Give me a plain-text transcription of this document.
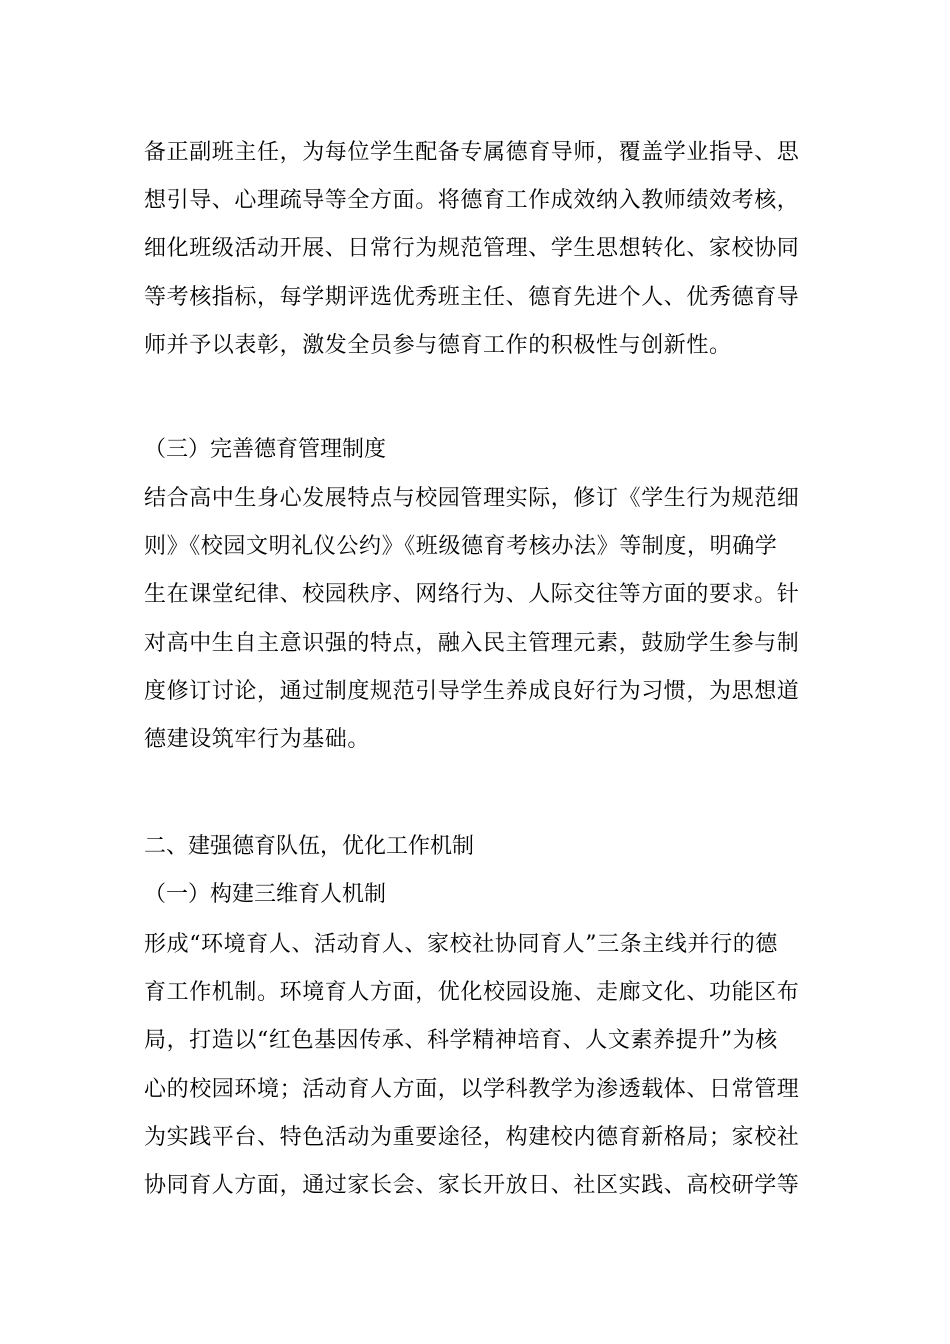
备正副班主任，为每位学生配备专属德育导师，覆盖学业指导、思
想引导、心理疏导等全方面。将德育工作成效纳入教师绩效考核，
细化班级活动开展、日常行为规范管理、学生思想转化、家校协同
等考核指标，每学期评选优秀班主任、德育先进个人、优秀德育导
师并予以表彰，激发全员参与德育工作的积极性与创新性。
（三）完善德育管理制度
结合高中生身心发展特点与校园管理实际，修订《学生行为规范细
则》《校园文明礼仪公约》《班级德育考核办法》等制度，明确学
生在课堂纪律、校园秩序、网络行为、人际交往等方面的要求。针
对高中生自主意识强的特点，融入民主管理元素，鼓励学生参与制
度修订讨论，通过制度规范引导学生养成良好行为习惯，为思想道
德建设筑牢行为基础。
二、建强德育队伍，优化工作机制
（一）构建三维育人机制
形成“环境育人、活动育人、家校社协同育人”三条主线并行的德
育工作机制。环境育人方面，优化校园设施、走廊文化、功能区布
局，打造以“红色基因传承、科学精神培育、人文素养提升”为核
心的校园环境；活动育人方面，以学科教学为渗透载体、日常管理
为实践平台、特色活动为重要途径，构建校内德育新格局；家校社
协同育人方面，通过家长会、家长开放日、社区实践、高校研学等
